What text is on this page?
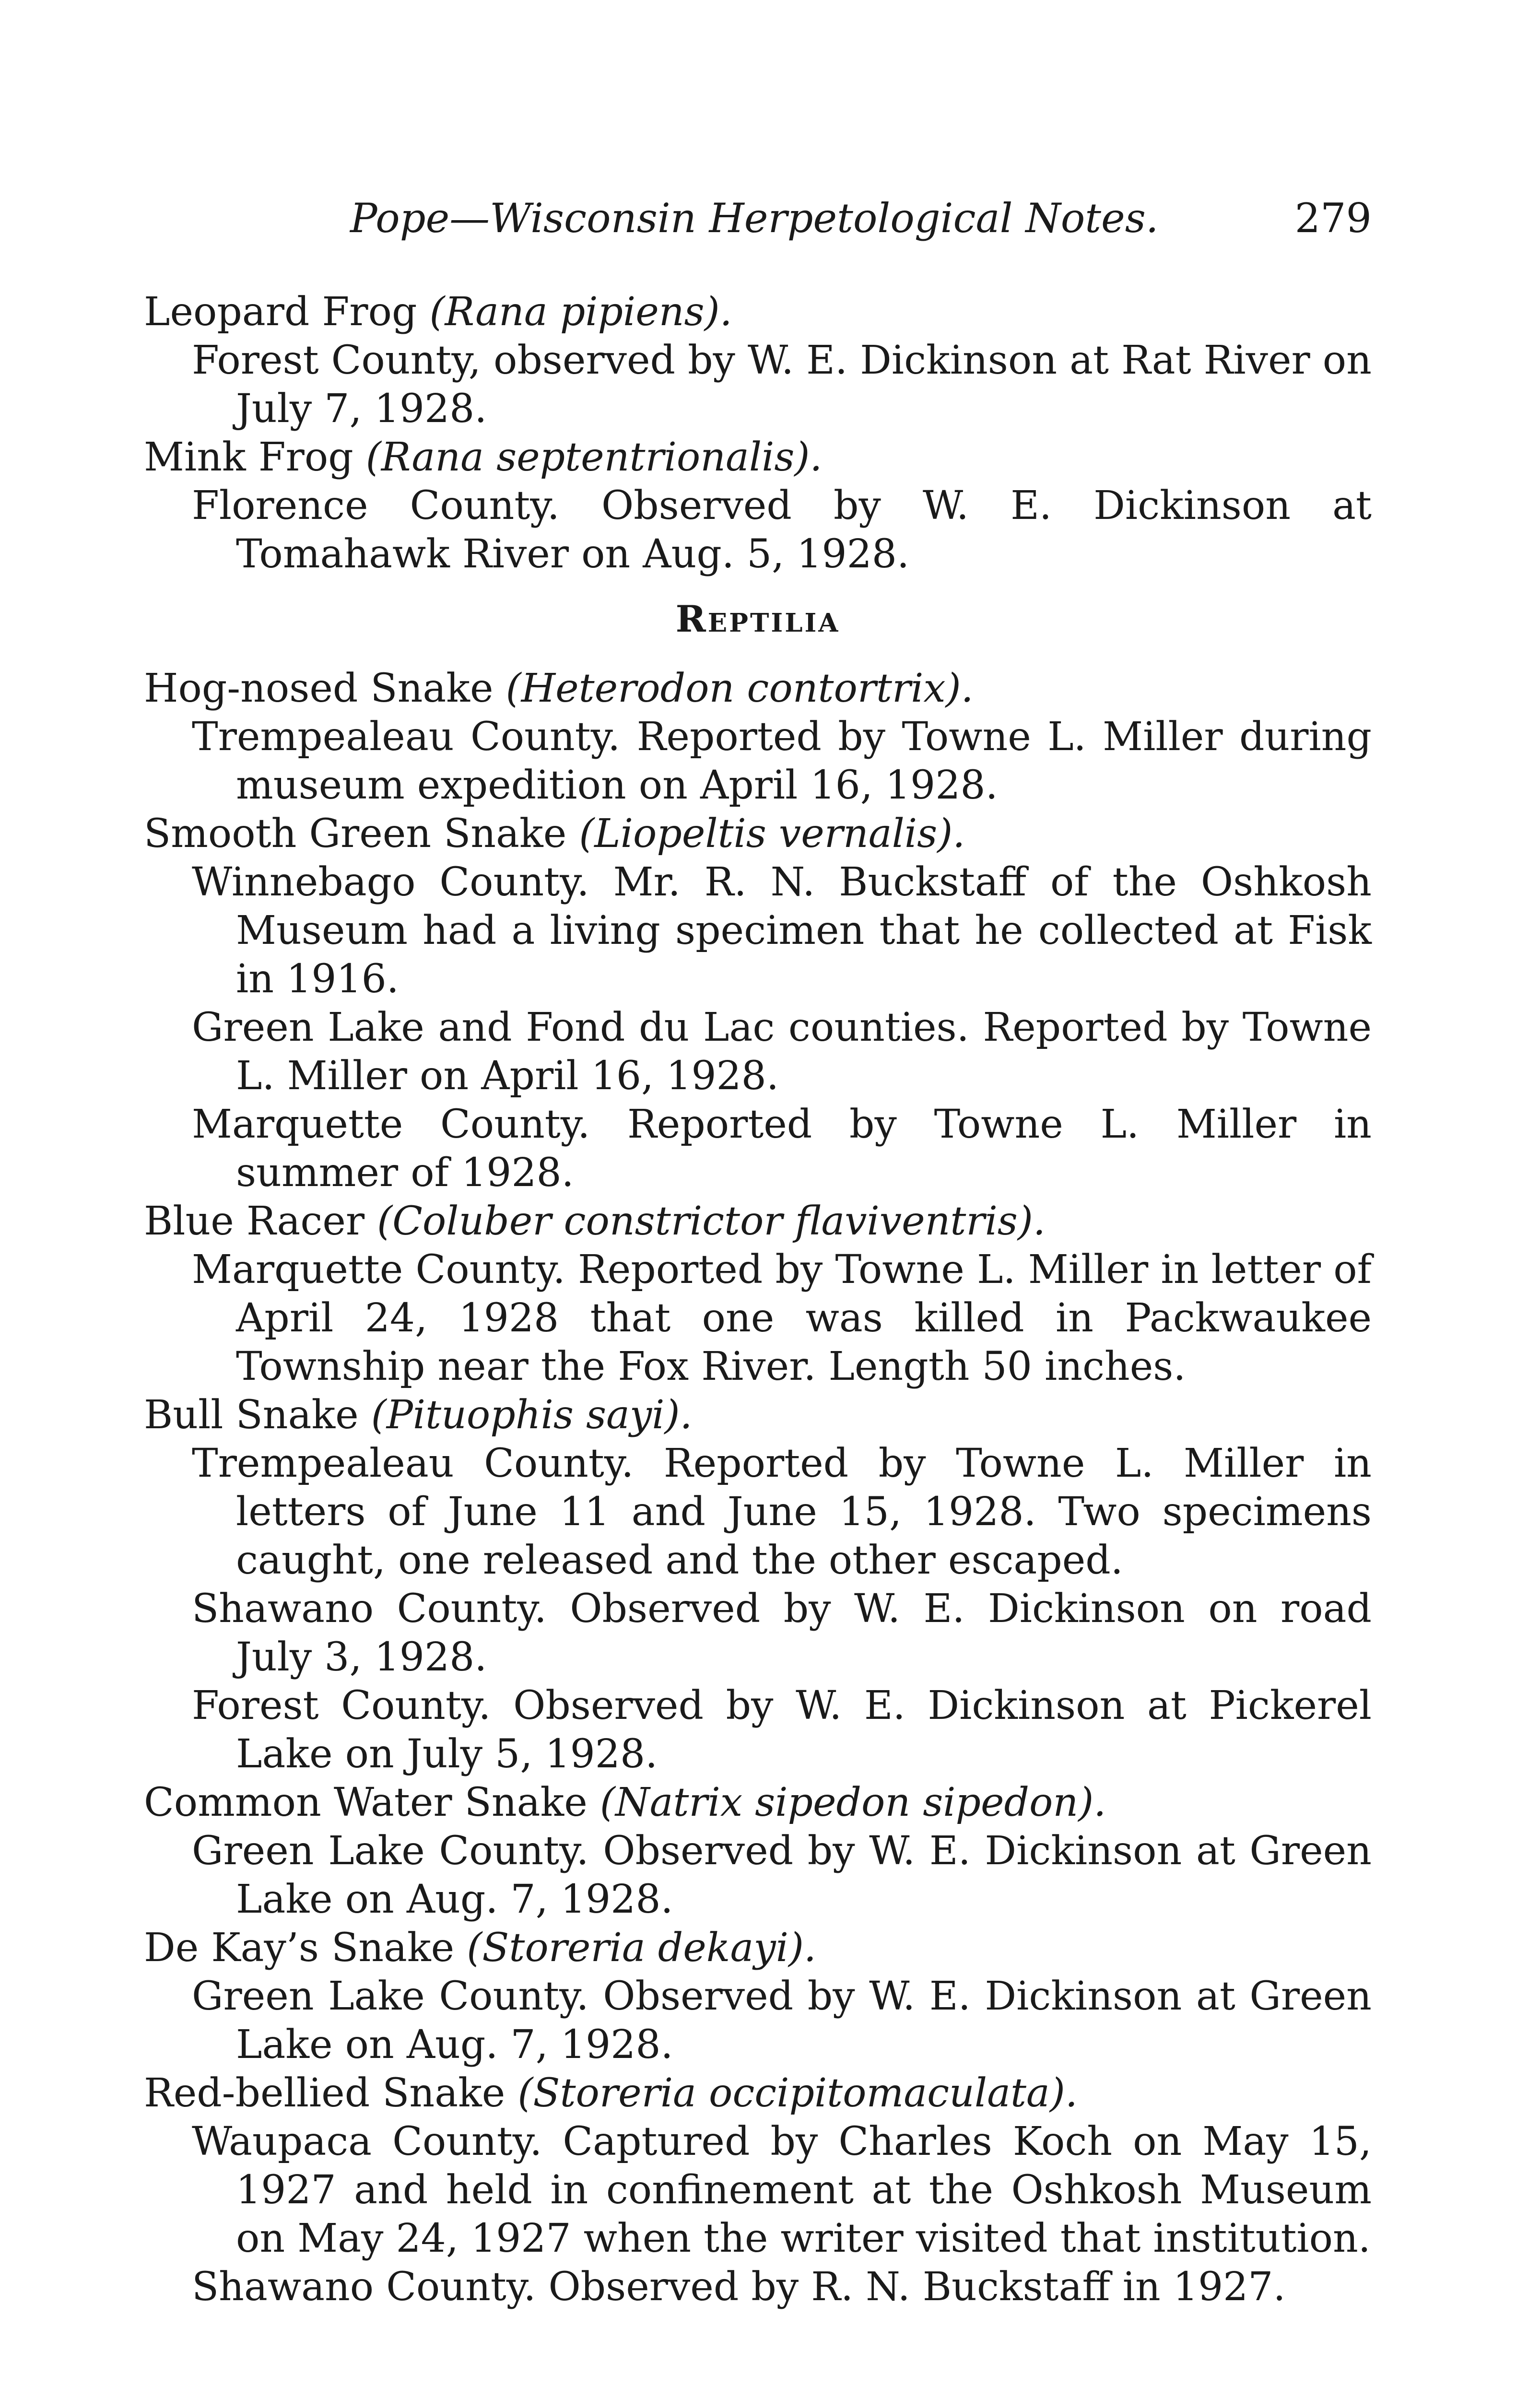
Pope—Wisconsin Herpetological Notes.	279

Leopard Frog (Rana pipiens).

Forest County, observed by W. E. Dickinson at Rat River on July 7, 1928.

Mink Frog (Rana septentrionalis).

Florence County. Observed by W. E. Dickinson at Tomahawk River on Aug. 5, 1928.

Reptilia

Hog-nosed Snake (Heterodon contortrix).

Trempealeau County. Reported by Towne L. Miller during museum expedition on April 16, 1928.

Smooth Green Snake (Liopeltis vernalis).

Winnebago County. Mr. R. N. Buckstaff of the Oshkosh Museum had a living specimen that he collected at Fisk in 1916.

Green Lake and Fond du Lac counties. Reported by Towne L. Miller on April 16, 1928.

Marquette County. Reported by Towne L. Miller in summer of 1928.

Blue Racer (Coluber constrictor flaviventris).

Marquette County. Reported by Towne L. Miller in letter of April 24, 1928 that one was killed in Packwaukee Township near the Fox River. Length 50 inches.

Bull Snake (Pituophis sayi).

Trempealeau County. Reported by Towne L. Miller in letters of June 11 and June 15, 1928. Two specimens caught, one released and the other escaped.

Shawano County. Observed by W. E. Dickinson on road July 3, 1928.

Forest County. Observed by W. E. Dickinson at Pickerel Lake on July 5, 1928.

Common Water Snake (Natrix sipedon sipedon).

Green Lake County. Observed by W. E. Dickinson at Green Lake on Aug. 7, 1928.

De Kay’s Snake (Storeria dekayi).

Green Lake County. Observed by W. E. Dickinson at Green Lake on Aug. 7, 1928.

Red-bellied Snake (Storeria occipitomaculata).

Waupaca County. Captured by Charles Koch on May 15, 1927 and held in confinement at the Oshkosh Museum on May 24, 1927 when the writer visited that institution.

Shawano County. Observed by R. N. Buckstaff in 1927.
